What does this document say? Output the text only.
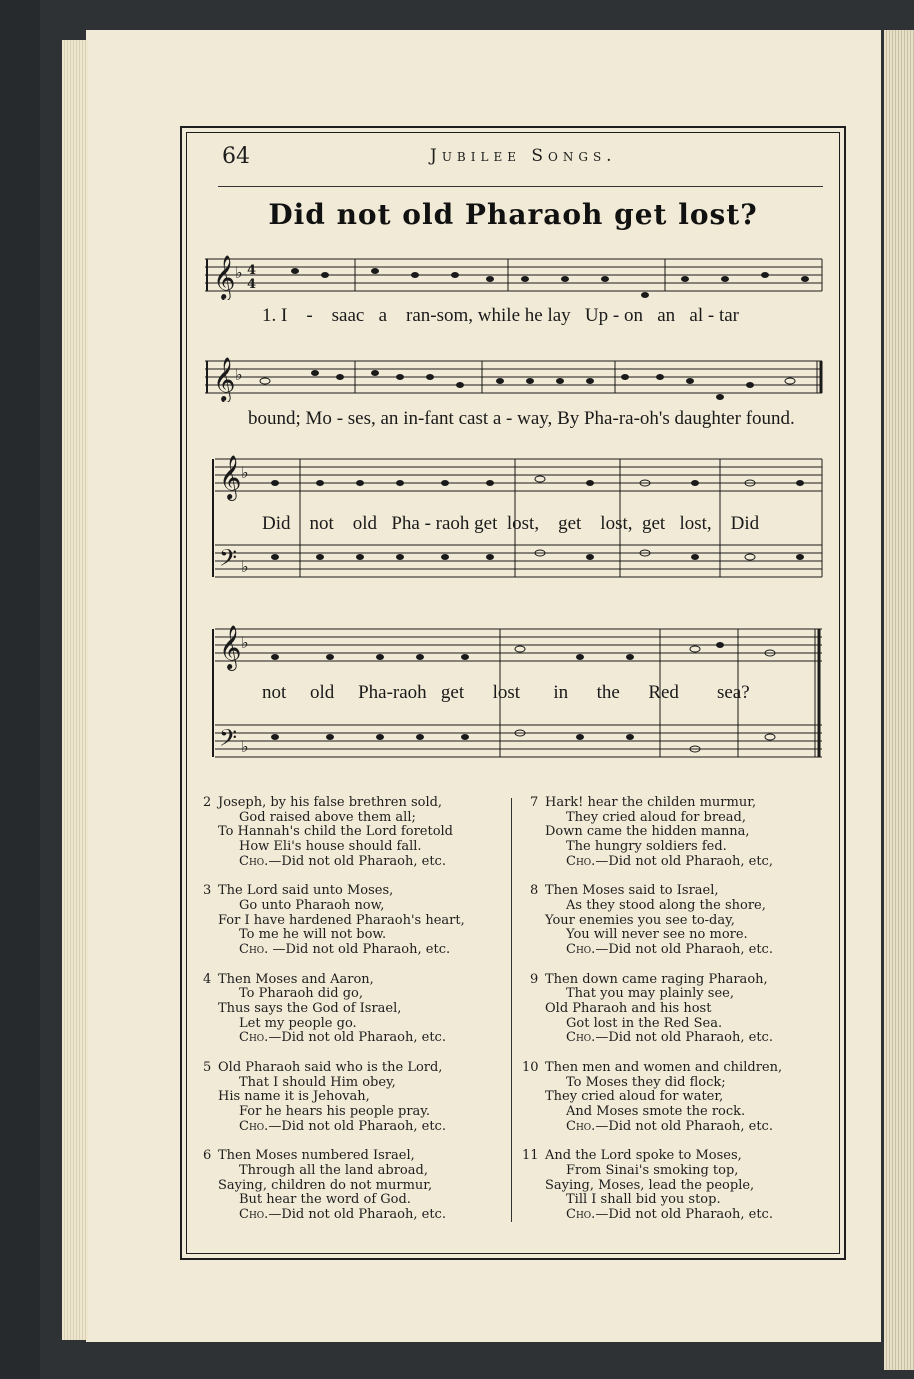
64	Jubilee Songs.
Did not old Pharaoh get lost?
𝄞 ♭ 4
4
1. I - saac a ran-som, while he lay Up - on an al - tar
𝄞 ♭
bound; Mo - ses, an in-fant cast a - way, By Pha-ra-oh's daughter found.
𝄞 ♭
𝄢 ♭
Did not old Pha - raoh get lost, get lost, get lost, Did
𝄞 ♭
𝄢 ♭
not old Pha-raoh get lost in the Red sea?
2 Joseph, by his false brethren sold,
God raised above them all;
To Hannah's child the Lord foretold
How Eli's house should fall.
Cho.—Did not old Pharaoh, etc.
3 The Lord said unto Moses,
Go unto Pharaoh now,
For I have hardened Pharaoh's heart,
To me he will not bow.
Cho. —Did not old Pharaoh, etc.
4 Then Moses and Aaron,
To Pharaoh did go,
Thus says the God of Israel,
Let my people go.
Cho.—Did not old Pharaoh, etc.
5 Old Pharaoh said who is the Lord,
That I should Him obey,
His name it is Jehovah,
For he hears his people pray.
Cho.—Did not old Pharaoh, etc.
6 Then Moses numbered Israel,
Through all the land abroad,
Saying, children do not murmur,
But hear the word of God.
Cho.—Did not old Pharaoh, etc.
7 Hark! hear the childen murmur,
They cried aloud for bread,
Down came the hidden manna,
The hungry soldiers fed.
Cho.—Did not old Pharaoh, etc,
8 Then Moses said to Israel,
As they stood along the shore,
Your enemies you see to-day,
You will never see no more.
Cho.—Did not old Pharaoh, etc.
9 Then down came raging Pharaoh,
That you may plainly see,
Old Pharaoh and his host
Got lost in the Red Sea.
Cho.—Did not old Pharaoh, etc.
10 Then men and women and children,
To Moses they did flock;
They cried aloud for water,
And Moses smote the rock.
Cho.—Did not old Pharaoh, etc.
11 And the Lord spoke to Moses,
From Sinai's smoking top,
Saying, Moses, lead the people,
Till I shall bid you stop.
Cho.—Did not old Pharaoh, etc.
